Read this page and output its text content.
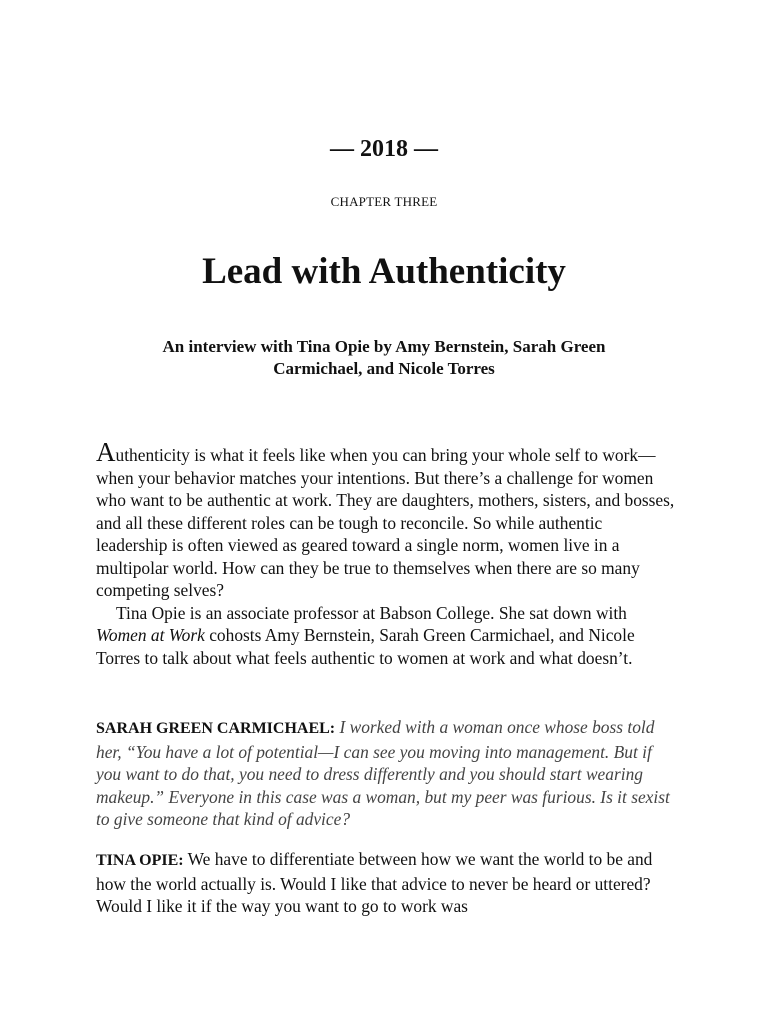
— 2018 —
CHAPTER THREE
Lead with Authenticity
An interview with Tina Opie by Amy Bernstein, Sarah Green Carmichael, and Nicole Torres

Authenticity is what it feels like when you can bring your whole self to work—when your behavior matches your intentions. But there’s a challenge for women who want to be authentic at work. They are daughters, mothers, sisters, and bosses, and all these different roles can be tough to reconcile. So while authentic leadership is often viewed as geared toward a single norm, women live in a multipolar world. How can they be true to themselves when there are so many competing selves?

Tina Opie is an associate professor at Babson College. She sat down with Women at Work cohosts Amy Bernstein, Sarah Green Carmichael, and Nicole Torres to talk about what feels authentic to women at work and what doesn’t.

SARAH GREEN CARMICHAEL: I worked with a woman once whose boss told her, “You have a lot of potential—I can see you moving into management. But if you want to do that, you need to dress differently and you should start wearing makeup.” Everyone in this case was a woman, but my peer was furious. Is it sexist to give someone that kind of advice?

TINA OPIE: We have to differentiate between how we want the world to be and how the world actually is. Would I like that advice to never be heard or uttered? Would I like it if the way you want to go to work was
